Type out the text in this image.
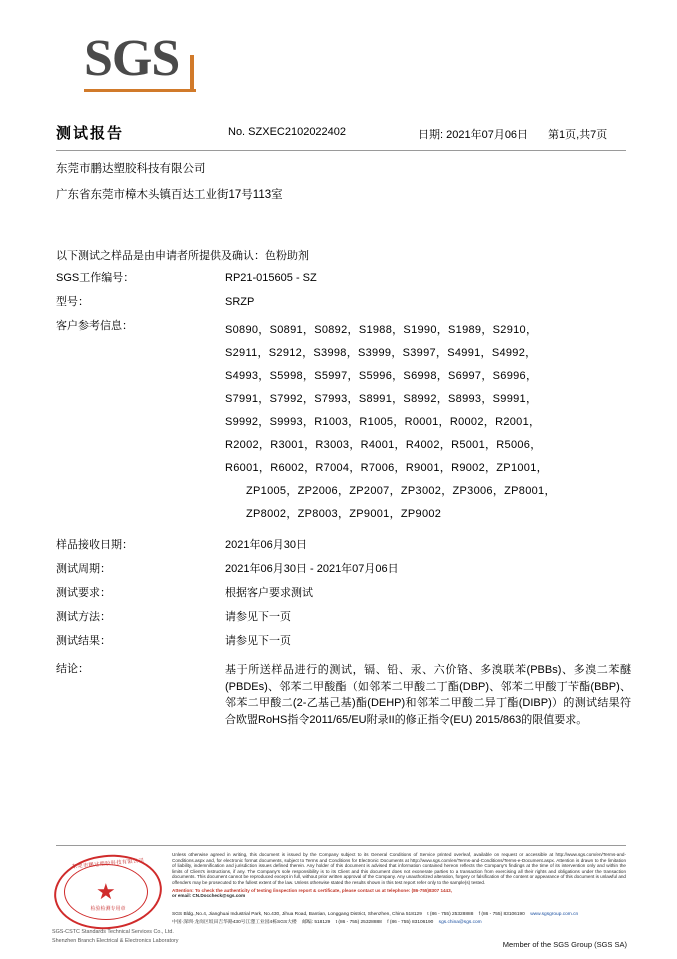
SGS
测试报告	No. SZXEC2102022402	日期: 2021年07月06日 第1页,共7页
东莞市鹏达塑胶科技有限公司
广东省东莞市樟木头镇百达工业街17号113室
以下测试之样品是由申请者所提供及确认：色粉助剂
SGS工作编号：	RP21-015605 - SZ
型号：	SRZP
客户参考信息：	S0890，S0891，S0892，S1988，S1990，S1989，S2910，
S2911，S2912，S3998，S3999，S3997，S4991，S4992，
S4993，S5998，S5997，S5996，S6998，S6997，S6996，
S7991，S7992，S7993，S8991，S8992，S8993，S9991，
S9992，S9993，R1003，R1005，R0001，R0002，R2001，
R2002，R3001，R3003，R4001，R4002，R5001，R5006，
R6001，R6002，R7004，R7006，R9001，R9002，ZP1001，
ZP1005，ZP2006，ZP2007，ZP3002，ZP3006，ZP8001，
ZP8002，ZP8003，ZP9001，ZP9002
样品接收日期：	2021年06月30日
测试周期：	2021年06月30日 - 2021年07月06日
测试要求：	根据客户要求测试
测试方法：	请参见下一页
测试结果：	请参见下一页
结论：	基于所送样品进行的测试，镉、铅、汞、六价铬、多溴联苯(PBBs)、多溴二苯醚(PBDEs)、邻苯二甲酸酯（如邻苯二甲酸二丁酯(DBP)、邻苯二甲酸丁苄酯(BBP)、邻苯二甲酸二(2-乙基己基)酯(DEHP)和邻苯二甲酸二异丁酯(DIBP)）的测试结果符合欧盟RoHS指令2011/65/EU附录II的修正指令(EU) 2015/863的限值要求。
东莞市鹏达塑胶科技有限公司
★
检验检测专用章
SGS-CSTC Standards Technical Services Co., Ltd.
Shenzhen Branch Electrical & Electronics Laboratory
Unless otherwise agreed in writing, this document is issued by the Company subject to its General Conditions of Service printed overleaf, available on request or accessible at http://www.sgs.com/en/Terms-and-Conditions.aspx and, for electronic format documents, subject to Terms and Conditions for Electronic Documents at http://www.sgs.com/en/Terms-and-Conditions/Terms-e-Document.aspx. Attention is drawn to the limitation of liability, indemnification and jurisdiction issues defined therein. Any holder of this document is advised that information contained hereon reflects the Company's findings at the time of its intervention only and within the limits of Client's instructions, if any. The Company's sole responsibility is to its Client and this document does not exonerate parties to a transaction from exercising all their rights and obligations under the transaction documents. This document cannot be reproduced except in full, without prior written approval of the Company. Any unauthorized alteration, forgery or falsification of the content or appearance of this document is unlawful and offenders may be prosecuted to the fullest extent of the law. Unless otherwise stated the results shown in this test report refer only to the sample(s) tested.
Attention: To check the authenticity of testing /inspection report & certificate, please contact us at telephone: (86-755)8307 1443,
or email: CN.Doccheck@sgs.com
SGS Bldg.,No.4, Jianghuai Industrial Park, No.430, Jihua Road, Bantian, Longgang District, Shenzhen, China 518129 t (86 - 755) 25328888 f (86 - 755) 83106190 www.sgsgroup.com.cn
中国·深圳·龙岗区坂田吉华路430号江灐工业园4栋SGS大楼 邮编: 518129 t (86 - 755) 25328888 f (86 - 755) 83106190 sgs.china@sgs.com
Member of the SGS Group (SGS SA)
